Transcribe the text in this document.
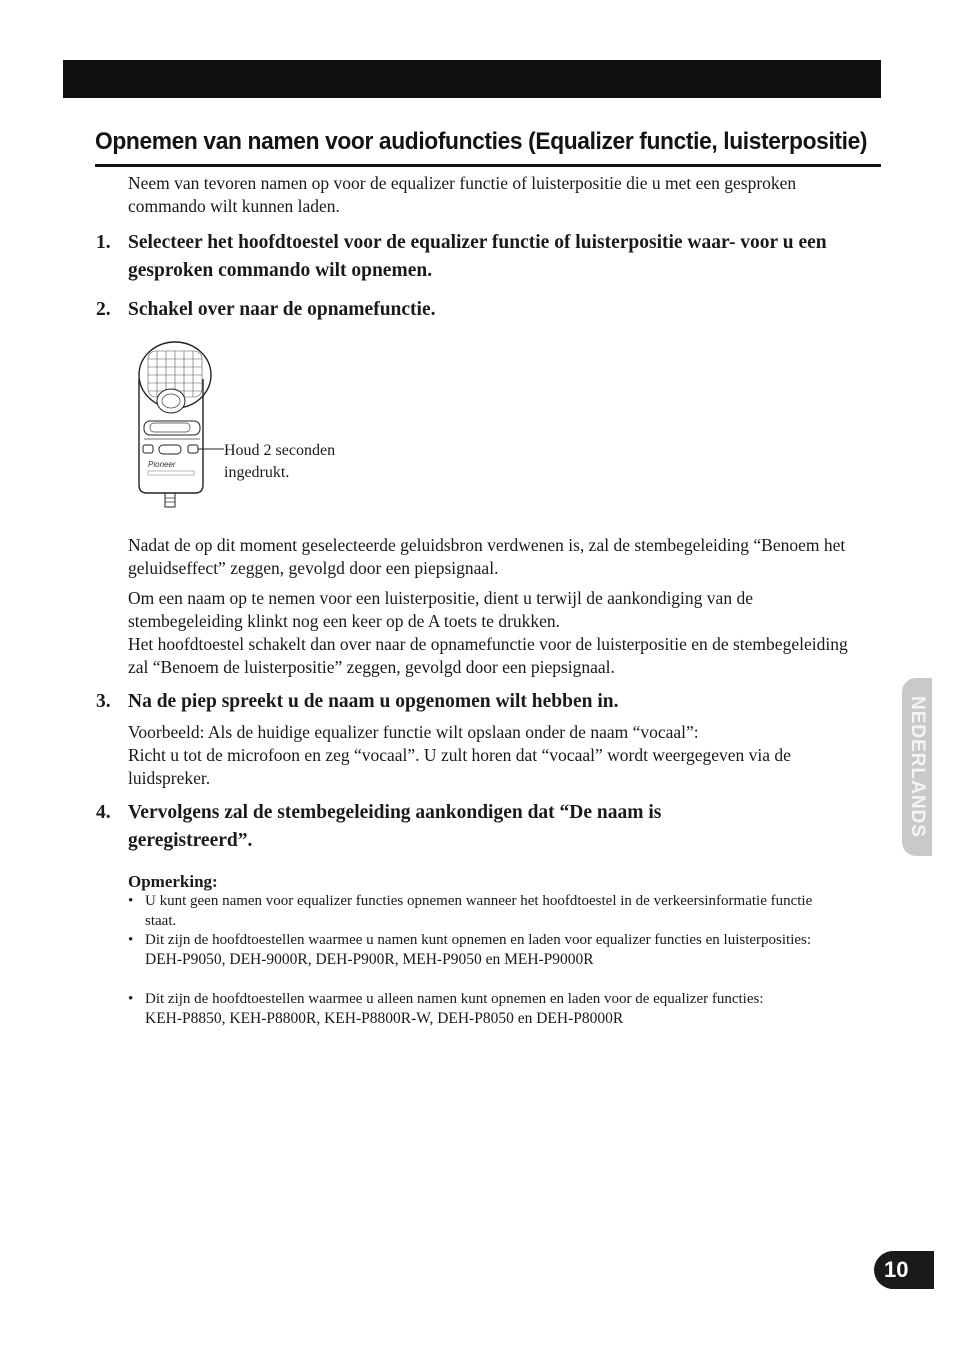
Opnemen van namen voor audiofuncties (Equalizer functie, luisterpositie)
Neem van tevoren namen op voor de equalizer functie of luisterpositie die u met een gesproken commando wilt kunnen laden.
1. Selecteer het hoofdtoestel voor de equalizer functie of luisterpositie waar- voor u een gesproken commando wilt opnemen.
2. Schakel over naar de opnamefunctie.
Pioneer
Houd 2 seconden ingedrukt.
Nadat de op dit moment geselecteerde geluidsbron verdwenen is, zal de stembegeleiding “Benoem het geluidseffect” zeggen, gevolgd door een piepsignaal.
Om een naam op te nemen voor een luisterpositie, dient u terwijl de aankondiging van de stembegeleiding klinkt nog een keer op de A toets te drukken.
Het hoofdtoestel schakelt dan over naar de opnamefunctie voor de luisterpositie en de stembegeleiding zal “Benoem de luisterpositie” zeggen, gevolgd door een piepsignaal.
3. Na de piep spreekt u de naam u opgenomen wilt hebben in.
Voorbeeld: Als de huidige equalizer functie wilt opslaan onder de naam “vocaal”:
Richt u tot de microfoon en zeg “vocaal”. U zult horen dat “vocaal” wordt weergegeven via de luidspreker.
4. Vervolgens zal de stembegeleiding aankondigen dat “De naam is geregistreerd”.
Opmerking:
• U kunt geen namen voor equalizer functies opnemen wanneer het hoofdtoestel in de verkeersinformatie functie staat.
• Dit zijn de hoofdtoestellen waarmee u namen kunt opnemen en laden voor equalizer functies en luisterposities:
DEH-P9050, DEH-9000R, DEH-P900R, MEH-P9050 en MEH-P9000R
• Dit zijn de hoofdtoestellen waarmee u alleen namen kunt opnemen en laden voor de equalizer functies:
KEH-P8850, KEH-P8800R, KEH-P8800R-W, DEH-P8050 en DEH-P8000R
NEDERLANDS
10
